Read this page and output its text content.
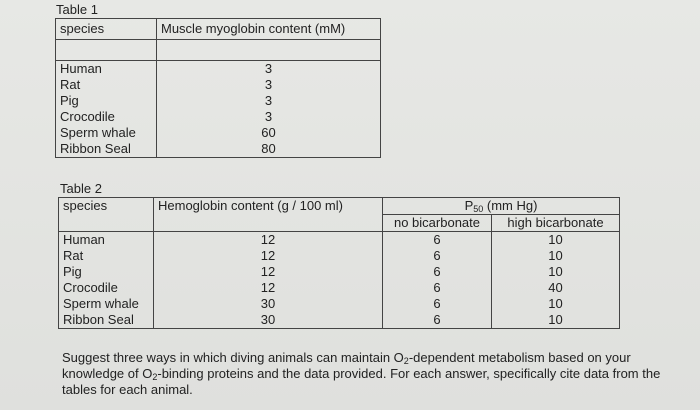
Table 1
species	Muscle myoglobin content (mM)

Human	3
Rat	3
Pig	3
Crocodile	3
Sperm whale	60
Ribbon Seal	80
Table 2
species	Hemoglobin content (g / 100 ml)	$P_{50}$ (mm Hg)	
		no bicarbonate	high bicarbonate
Human	12	6	10
Rat	12	6	10
Pig	12	6	10
Crocodile	12	6	40
Sperm whale	30	6	10
Ribbon Seal	30	6	10
Suggest three ways in which diving animals can maintain $O_2$-dependent metabolism based on your knowledge of $O_2$-binding proteins and the data provided. For each answer, specifically cite data from the tables for each animal.
